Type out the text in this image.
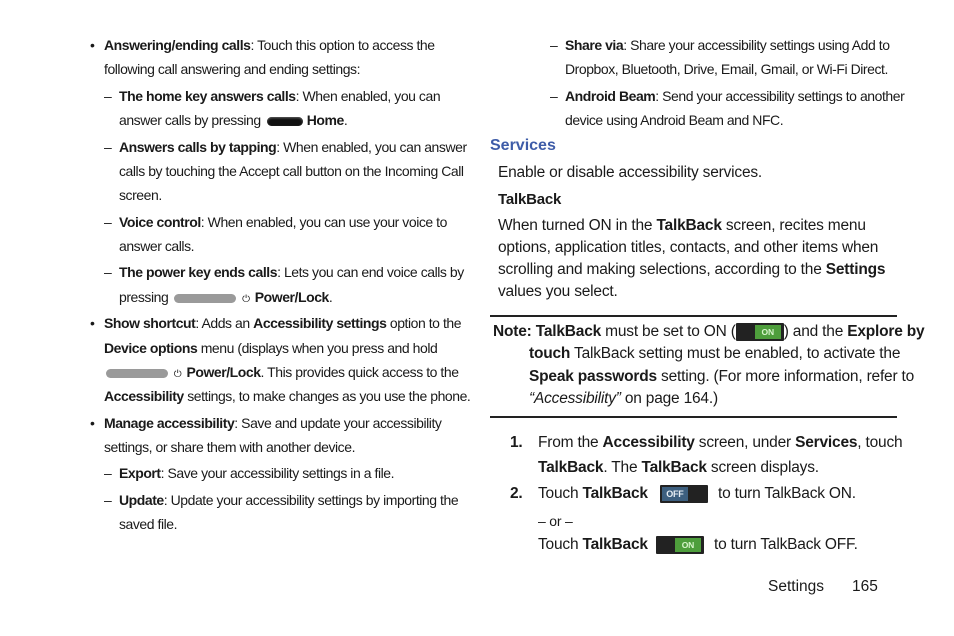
• Answering/ending calls: Touch this option to access the
following call answering and ending settings:
– The home key answers calls: When enabled, you can
answer calls by pressing	Home.
– Answers calls by tapping: When enabled, you can answer
calls by touching the Accept call button on the Incoming Call
screen.
– Voice control: When enabled, you can use your voice to
answer calls.
– The power key ends calls: Lets you can end voice calls by
pressing	⏻ Power/Lock.
• Show shortcut: Adds an Accessibility settings option to the
Device options menu (displays when you press and hold
⏻ Power/Lock. This provides quick access to the
Accessibility settings, to make changes as you use the phone.
• Manage accessibility: Save and update your accessibility
settings, or share them with another device.
– Export: Save your accessibility settings in a file.
– Update: Update your accessibility settings by importing the
saved file.
– Share via: Share your accessibility settings using Add to
Dropbox, Bluetooth, Drive, Email, Gmail, or Wi-Fi Direct.
– Android Beam: Send your accessibility settings to another
device using Android Beam and NFC.
Services
Enable or disable accessibility services.
TalkBack
When turned ON in the TalkBack screen, recites menu
options, application titles, contacts, and other items when
scrolling and making selections, according to the Settings
values you select.
Note: TalkBack must be set to ON (	ON ) and the Explore by
touch TalkBack setting must be enabled, to activate the
Speak passwords setting. (For more information, refer to
“Accessibility” on page 164.)
1. From the Accessibility screen, under Services, touch
TalkBack. The TalkBack screen displays.
2. Touch TalkBack	OFF to turn TalkBack ON.
– or –
Touch TalkBack	ON	to turn TalkBack OFF.
Settings 165
